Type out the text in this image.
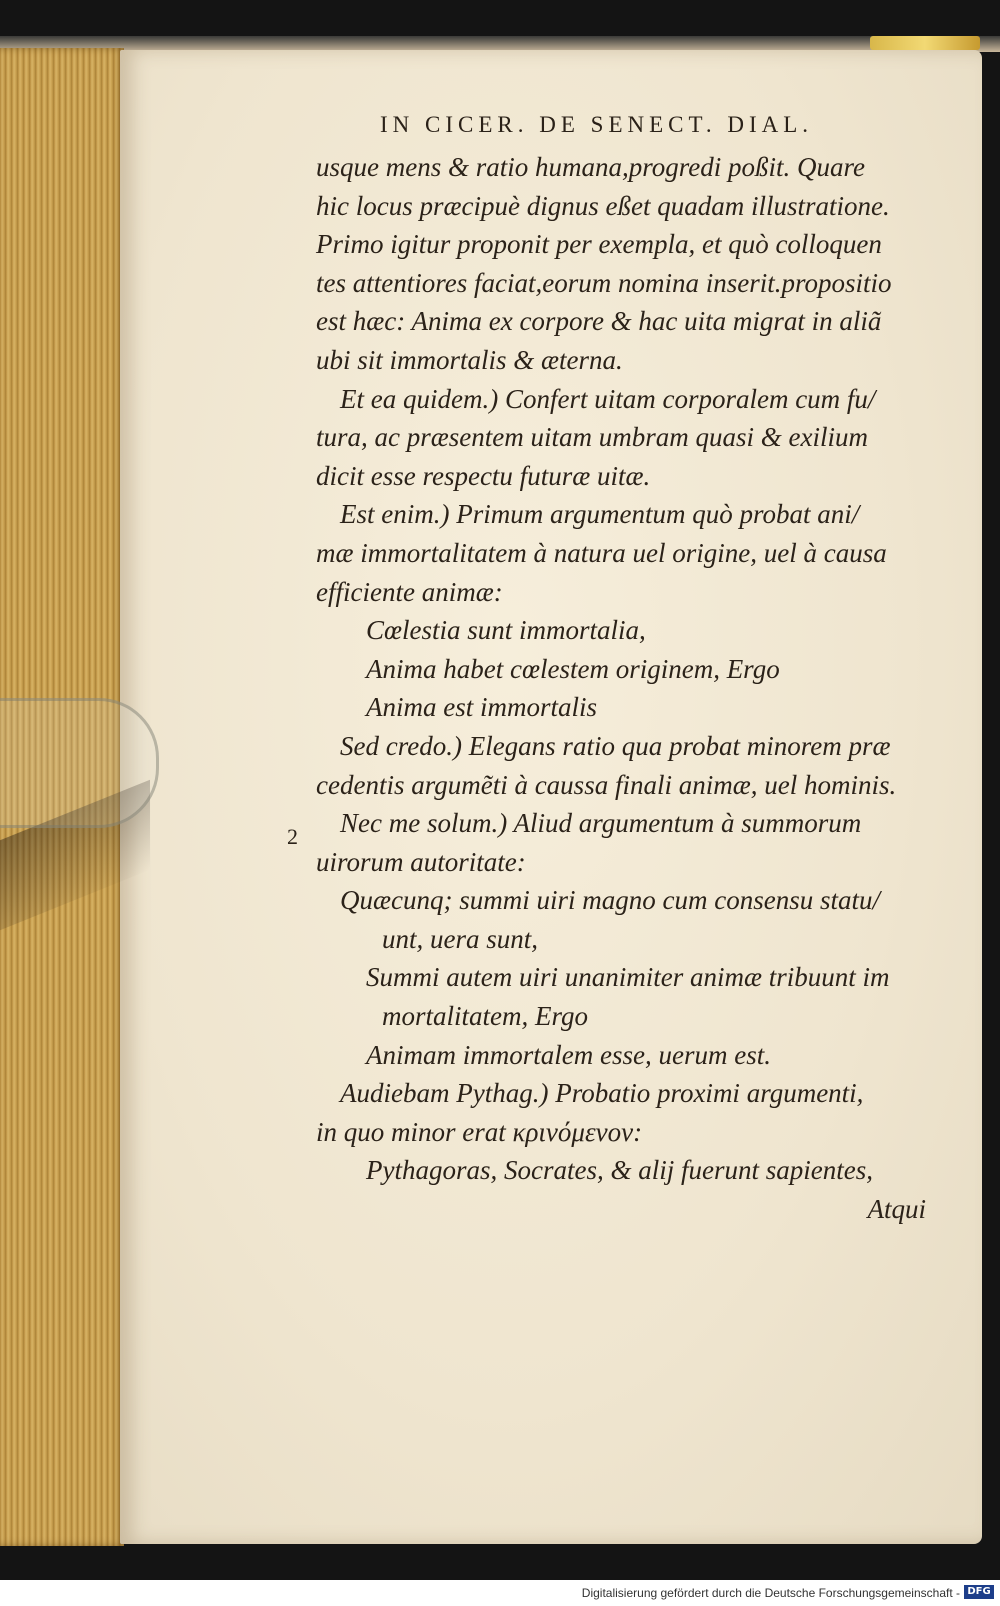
IN CICER. DE SENECT. DIAL.
2
usque mens & ratio humana,progredi poßit. Quare
hic locus præcipuè dignus eßet quadam illustratione.
Primo igitur proponit per exempla, et quò colloquen
tes attentiores faciat,eorum nomina inserit.propositio
est hæc: Anima ex corpore & hac uita migrat in aliã
ubi sit immortalis & æterna.
Et ea quidem.) Confert uitam corporalem cum fu/
tura, ac præsentem uitam umbram quasi & exilium
dicit esse respectu futuræ uitæ.
Est enim.) Primum argumentum quò probat ani/
mæ immortalitatem à natura uel origine, uel à causa
efficiente animæ:
Cœlestia sunt immortalia,
Anima habet cœlestem originem, Ergo
Anima est immortalis
Sed credo.) Elegans ratio qua probat minorem præ
cedentis argumẽti à caussa finali animæ, uel hominis.
Nec me solum.) Aliud argumentum à summorum
uirorum autoritate:
Quæcunq; summi uiri magno cum consensu statu/
unt, uera sunt,
Summi autem uiri unanimiter animæ tribuunt im
mortalitatem, Ergo
Animam immortalem esse, uerum est.
Audiebam Pythag.) Probatio proximi argumenti,
in quo minor erat κρινόμενον:
Pythagoras, Socrates, & alij fuerunt sapientes,
Atqui
Digitalisierung gefördert durch die Deutsche Forschungsgemeinschaft - DFG
